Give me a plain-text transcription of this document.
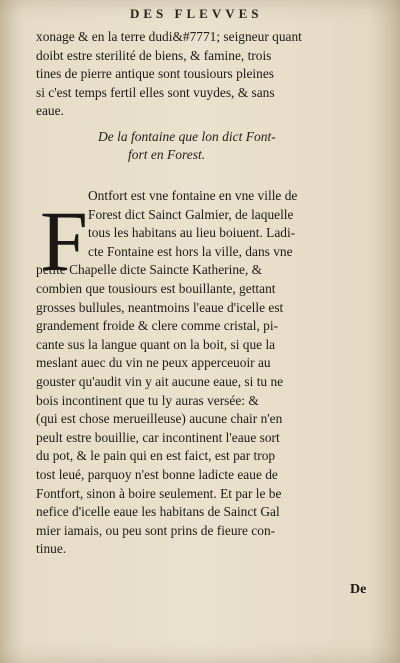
DES FLEVVES
xonage & en la terre dudi&#7771; seigneur quant
doibt estre sterilité de biens, & famine, trois
tines de pierre antique sont tousiours pleines
si c'est temps fertil elles sont vuydes, & sans
eaue.
De la fontaine que lon dict Font-
fort en Forest.
F Ontfort est vne fontaine en vne ville de
Forest dict Sainct Galmier, de laquelle
tous les habitans au lieu boiuent. Ladi-
cte Fontaine est hors la ville, dans vne
petite Chapelle dicte Saincte Katherine, &
combien que tousiours est bouillante, gettant
grosses bullules, neantmoins l'eaue d'icelle est
grandement froide & clere comme cristal, pi-
cante sus la langue quant on la boit, si que la
meslant auec du vin ne peux apperceuoir au
gouster qu'audit vin y ait aucune eaue, si tu ne
bois incontinent que tu ly auras versée: &
(qui est chose merueilleuse) aucune chair n'en
peult estre bouillie, car incontinent l'eaue sort
du pot, & le pain qui en est faict, est par trop
tost leué, parquoy n'est bonne ladicte eaue de
Fontfort, sinon à boire seulement. Et par le be
nefice d'icelle eaue les habitans de Sainct Gal
mier iamais, ou peu sont prins de fieure con-
tinue.
De
